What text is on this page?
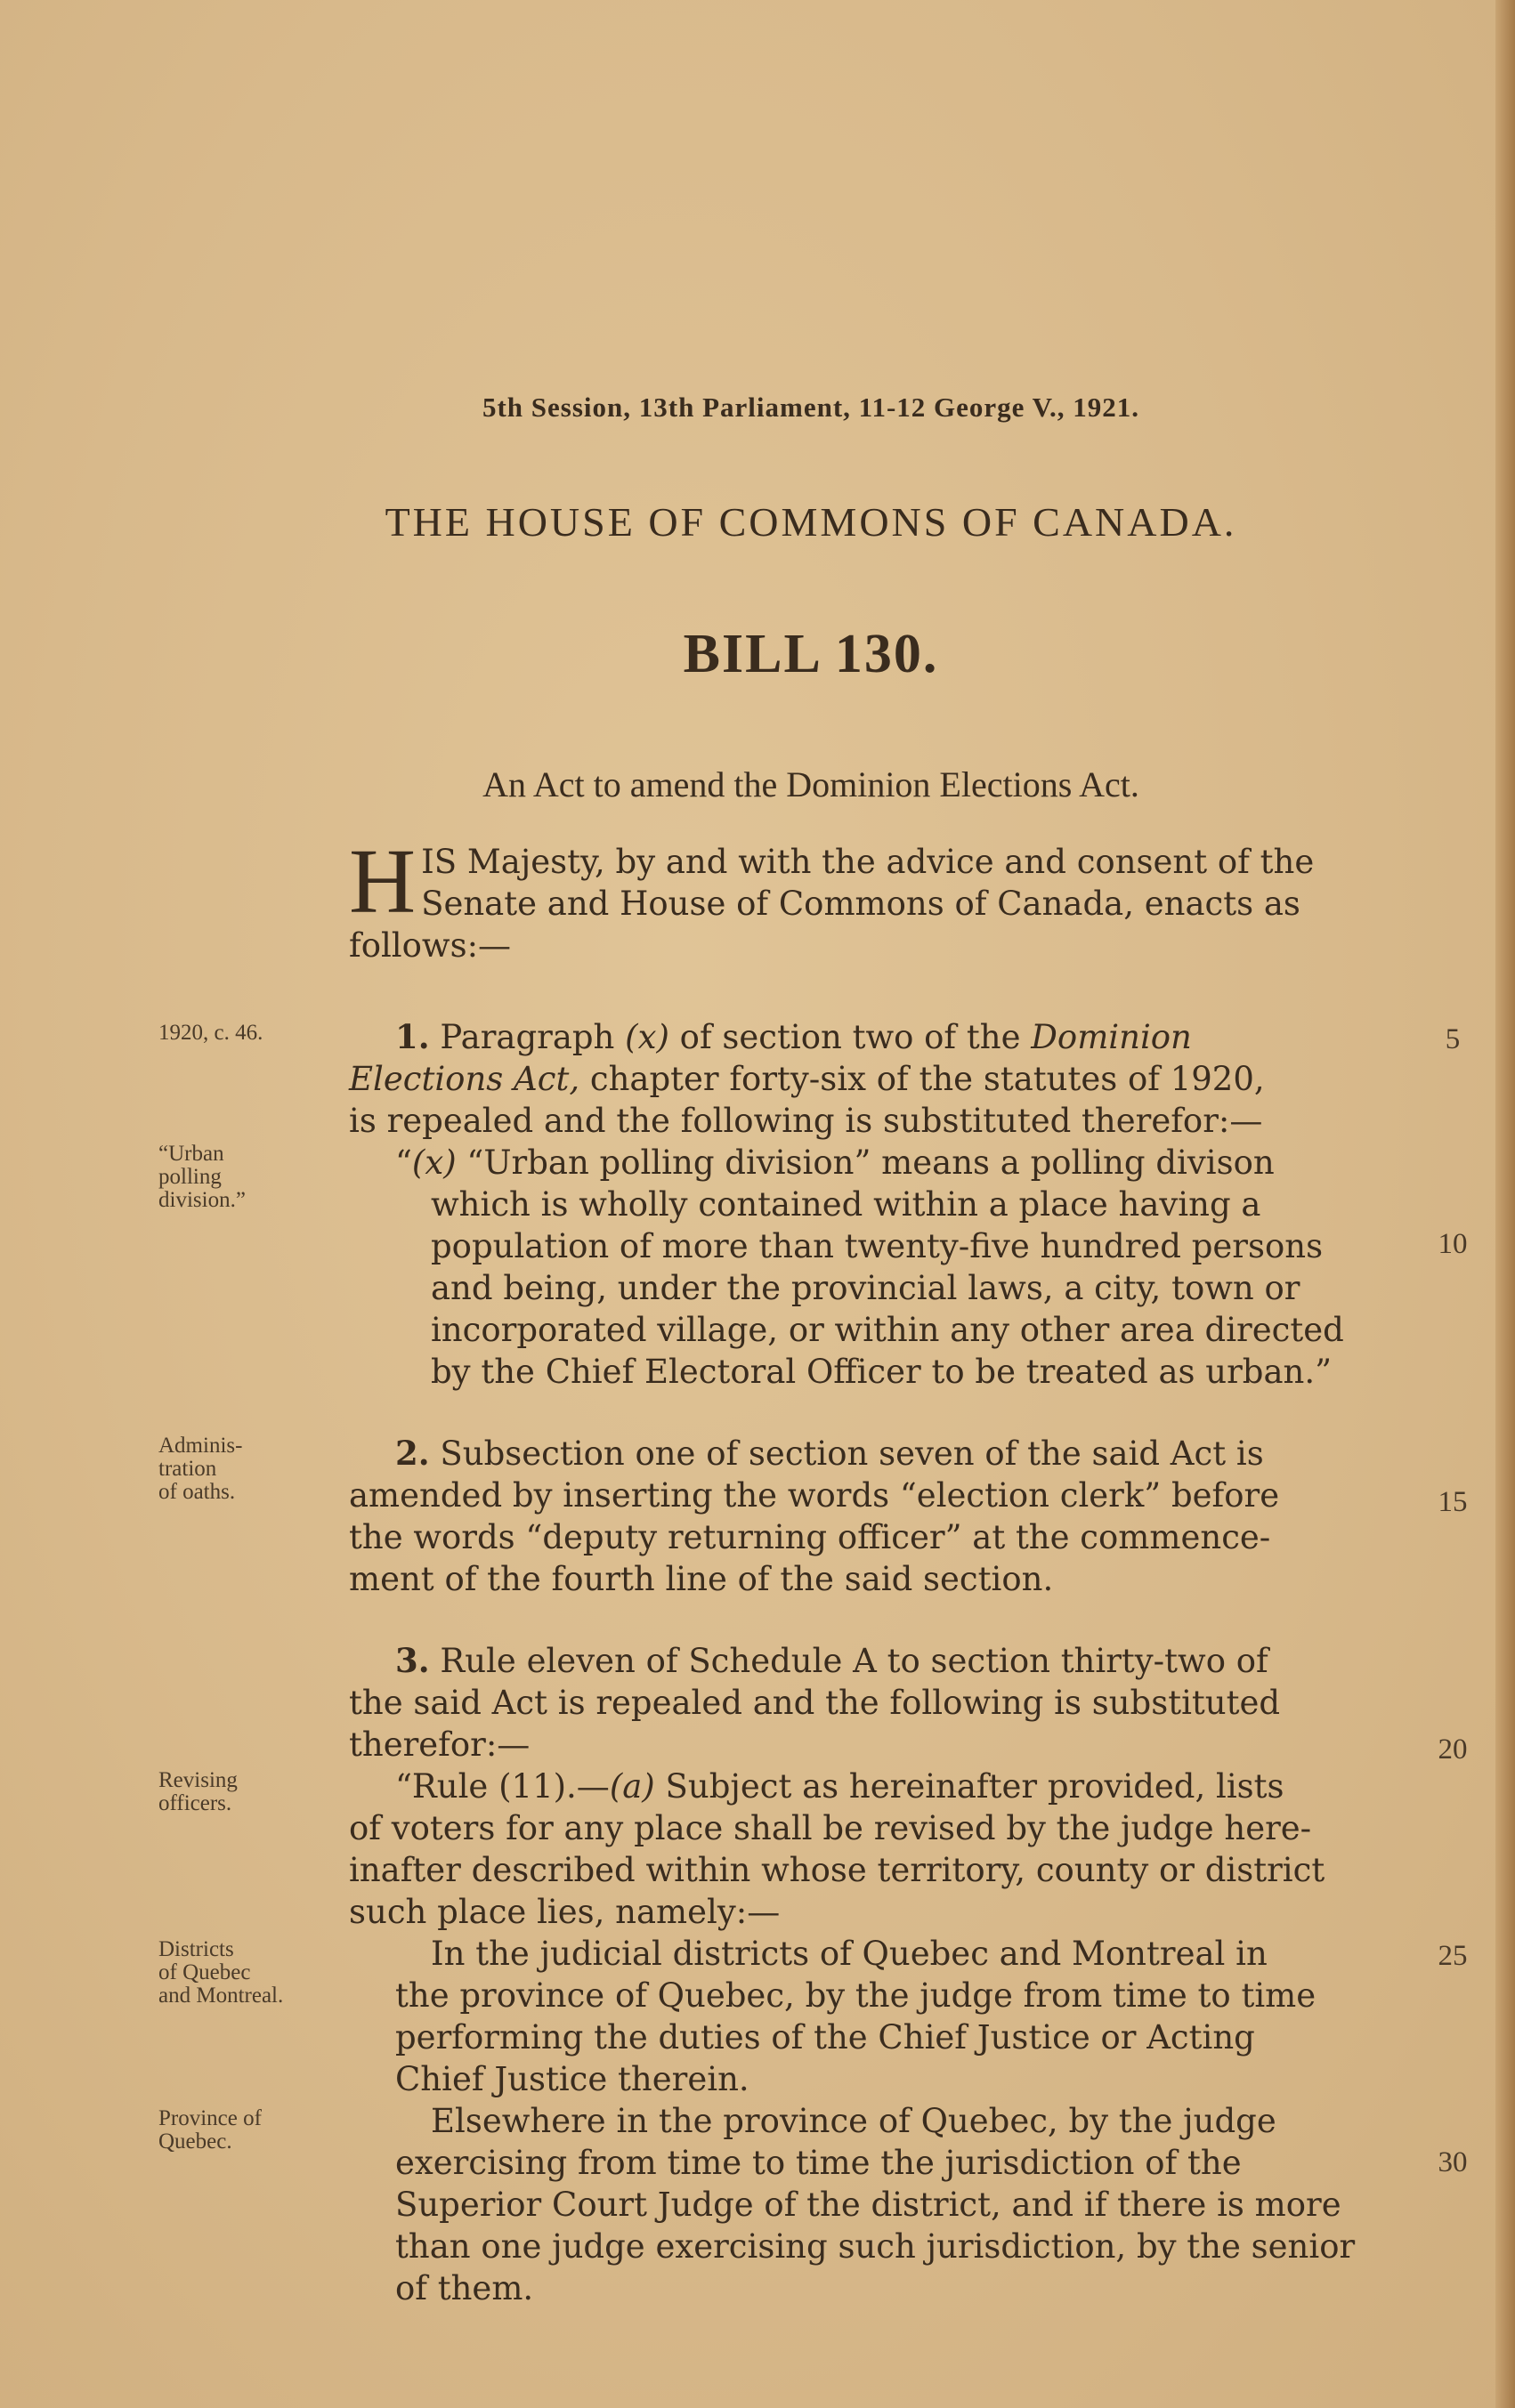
5th Session, 13th Parliament, 11-12 George V., 1921.
THE HOUSE OF COMMONS OF CANADA.
BILL 130.
An Act to amend the Dominion Elections Act.
H IS Majesty, by and with the advice and consent of the
Senate and House of Commons of Canada, enacts as
follows:—
1. Paragraph (x) of section two of the Dominion
Elections Act, chapter forty-six of the statutes of 1920,
is repealed and the following is substituted therefor:—
“(x) “Urban polling division” means a polling divison
which is wholly contained within a place having a
population of more than twenty-five hundred persons
and being, under the provincial laws, a city, town or
incorporated village, or within any other area directed
by the Chief Electoral Officer to be treated as urban.”
2. Subsection one of section seven of the said Act is
amended by inserting the words “election clerk” before
the words “deputy returning officer” at the commence-
ment of the fourth line of the said section.
3. Rule eleven of Schedule A to section thirty-two of
the said Act is repealed and the following is substituted
therefor:—
“Rule (11).—(a) Subject as hereinafter provided, lists
of voters for any place shall be revised by the judge here-
inafter described within whose territory, county or district
such place lies, namely:—
In the judicial districts of Quebec and Montreal in
the province of Quebec, by the judge from time to time
performing the duties of the Chief Justice or Acting
Chief Justice therein.
Elsewhere in the province of Quebec, by the judge
exercising from time to time the jurisdiction of the
Superior Court Judge of the district, and if there is more
than one judge exercising such jurisdiction, by the senior
of them.
1920, c. 46.
“Urban
polling
division.”
Adminis-
tration
of oaths.
Revising
officers.
Districts
of Quebec
and Montreal.
Province of
Quebec.
5
10
15
20
25
30
